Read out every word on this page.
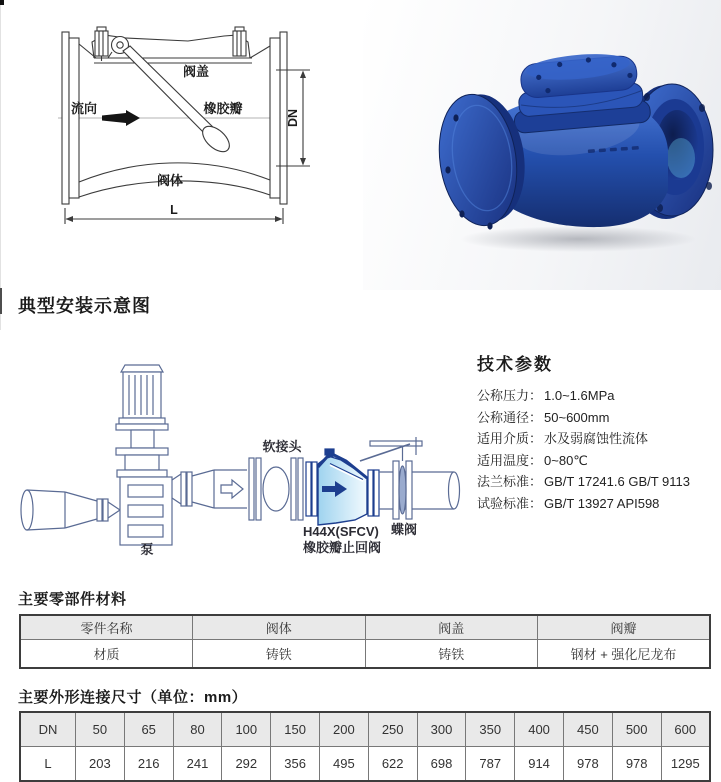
阀盖
流向	橡胶瓣
DN
阀体
L
典型安装示意图
软接头
泵
H44X(SFCV)
橡胶瓣止回阀
蝶阀
技术参数
公称压力： 1.0~1.6MPa
公称通径： 50~600mm
适用介质： 水及弱腐蚀性流体
适用温度： 0~80℃
法兰标准： GB/T 17241.6 GB/T 9113
试验标准： GB/T 13927 API598
主要零部件材料
零件名称	阀体	阀盖	阀瓣
材质	铸铁	铸铁	钢材 + 强化尼龙布
主要外形连接尺寸（单位：mm）
DN	50	65	80	100	150	200	250	300	350	400	450	500	600
L	203	216	241	292	356	495	622	698	787	914	978	978	1295
